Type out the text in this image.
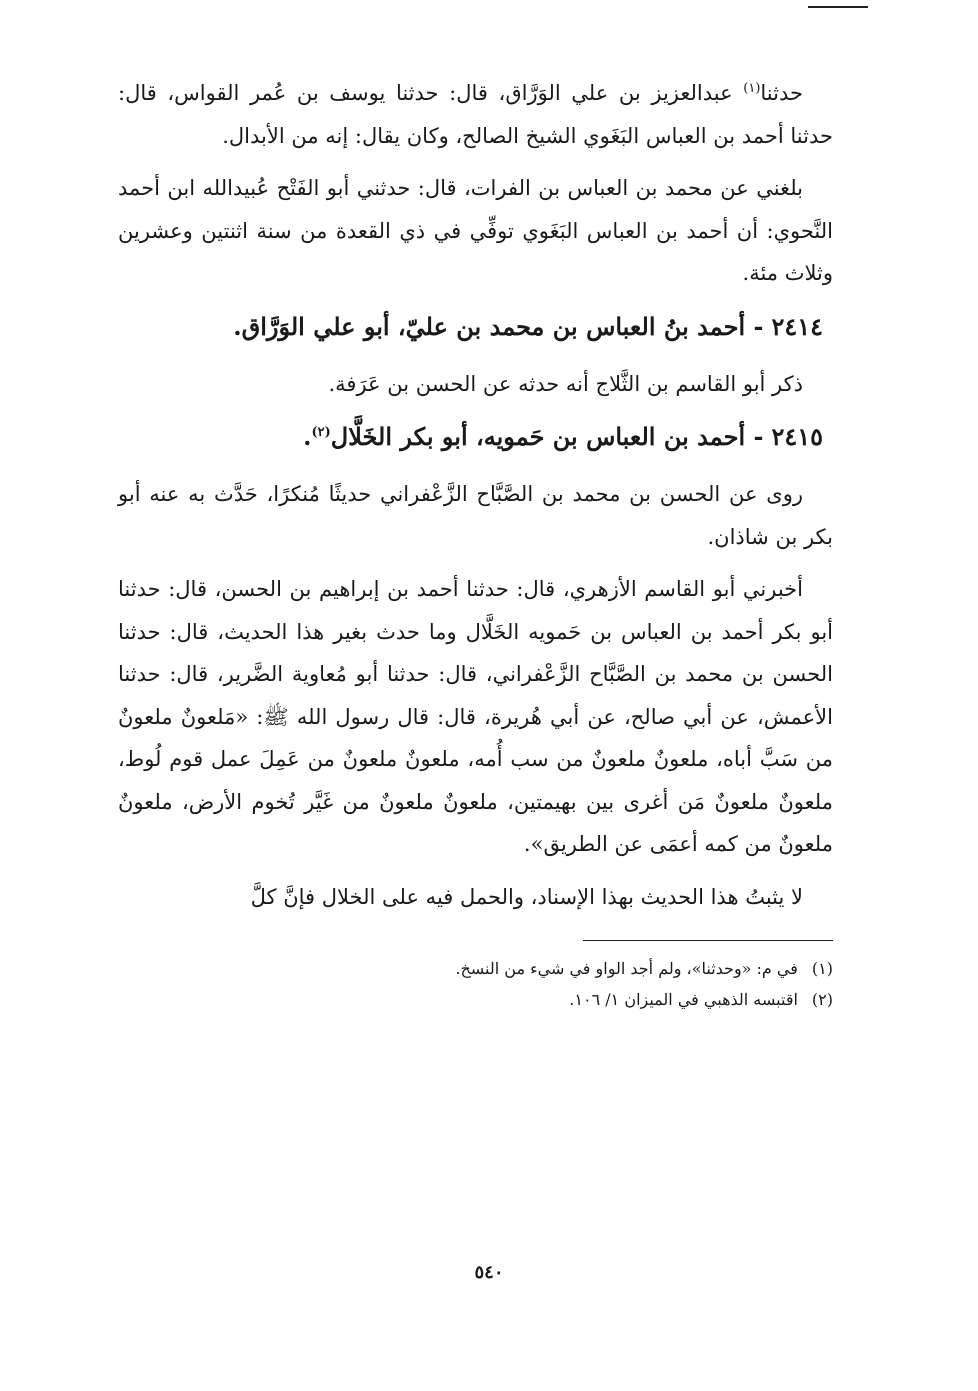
حدثنا$^{(١)}$ عبدالعزيز بن علي الوَرَّاق، قال: حدثنا يوسف بن عُمر القواس، قال: حدثنا أحمد بن العباس البَغَوي الشيخ الصالح، وكان يقال: إنه من الأبدال.

بلغني عن محمد بن العباس بن الفرات، قال: حدثني أبو الفَتْح عُبيدالله ابن أحمد النَّحوي: أن أحمد بن العباس البَغَوي توفِّي في ذي القعدة من سنة اثنتين وعشرين وثلاث مئة.

٢٤١٤- أحمد بنُ العباس بن محمد بن عليّ، أبو علي الوَرَّاق.

ذكر أبو القاسم بن الثَّلاج أنه حدثه عن الحسن بن عَرَفة.

٢٤١٥- أحمد بن العباس بن حَمويه، أبو بكر الخَلَّال$^{(٢)}$.

روى عن الحسن بن محمد بن الصَّبَّاح الزَّعْفراني حديثًا مُنكرًا، حَدَّث به عنه أبو بكر بن شاذان.

أخبرني أبو القاسم الأزهري، قال: حدثنا أحمد بن إبراهيم بن الحسن، قال: حدثنا أبو بكر أحمد بن العباس بن حَمويه الخَلَّال وما حدث بغير هذا الحديث، قال: حدثنا الحسن بن محمد بن الصَّبَّاح الزَّعْفراني، قال: حدثنا أبو مُعاوية الضَّرير، قال: حدثنا الأعمش، عن أبي صالح، عن أبي هُريرة، قال: قال رسول الله ﷺ: «مَلعونٌ ملعونٌ من سَبَّ أباه، ملعونٌ ملعونٌ من سب أُمه، ملعونٌ ملعونٌ من عَمِلَ عمل قوم لُوط، ملعونٌ ملعونٌ مَن أغرى بين بهيمتين، ملعونٌ ملعونٌ من غَيَّر تُخوم الأرض، ملعونٌ ملعونٌ من كمه أعمَى عن الطريق».

لا يثبتُ هذا الحديث بهذا الإسناد، والحمل فيه على الخلال فإنَّ كلَّ

(١)في م: «وحدثنا»، ولم أجد الواو في شيء من النسخ.

(٢)اقتبسه الذهبي في الميزان ١/ ١٠٦.

٥٤٠
